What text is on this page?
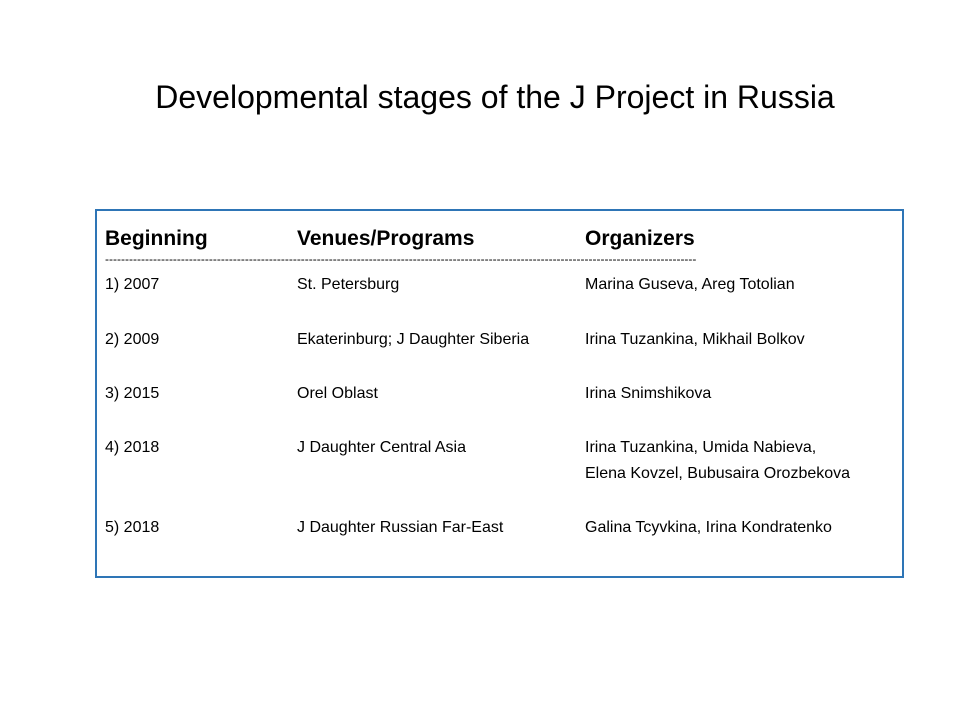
Developmental stages of the J Project in Russia
Beginning	Venues/Programs	Organizers
----------------------------------------------------------------------------------------------------------------------------------------------------
1) 2007	St. Petersburg	Marina Guseva, Areg Totolian
2) 2009	Ekaterinburg; J Daughter Siberia	Irina Tuzankina, Mikhail Bolkov
3) 2015	Orel Oblast	Irina Snimshikova
4) 2018	J Daughter Central Asia	Irina Tuzankina, Umida Nabieva,
Elena Kovzel, Bubusaira Orozbekova
5) 2018	J Daughter Russian Far-East	Galina Tcyvkina, Irina Kondratenko
